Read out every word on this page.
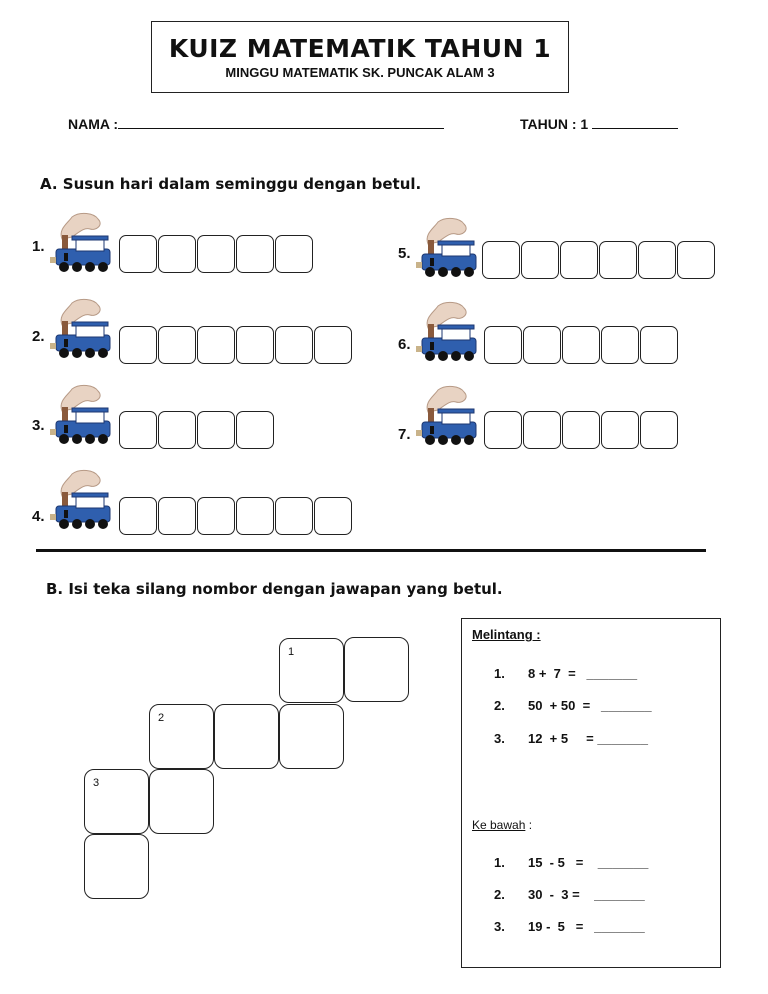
KUIZ MATEMATIK TAHUN 1
MINGGU MATEMATIK SK. PUNCAK ALAM 3
NAMA :	TAHUN : 1
A. Susun hari dalam seminggu dengan betul.
1.
2.
3.
4.
5.
6.
7.
B. Isi teka silang nombor dengan jawapan yang betul.
1
2
3
Melintang :
1. 8 +  7  =   _______
2. 50  + 50  =   _______
3. 12  + 5     = _______
Ke bawah :
1. 15  - 5   =    _______
2. 30  -  3 =    _______
3. 19 -  5   =   _______
